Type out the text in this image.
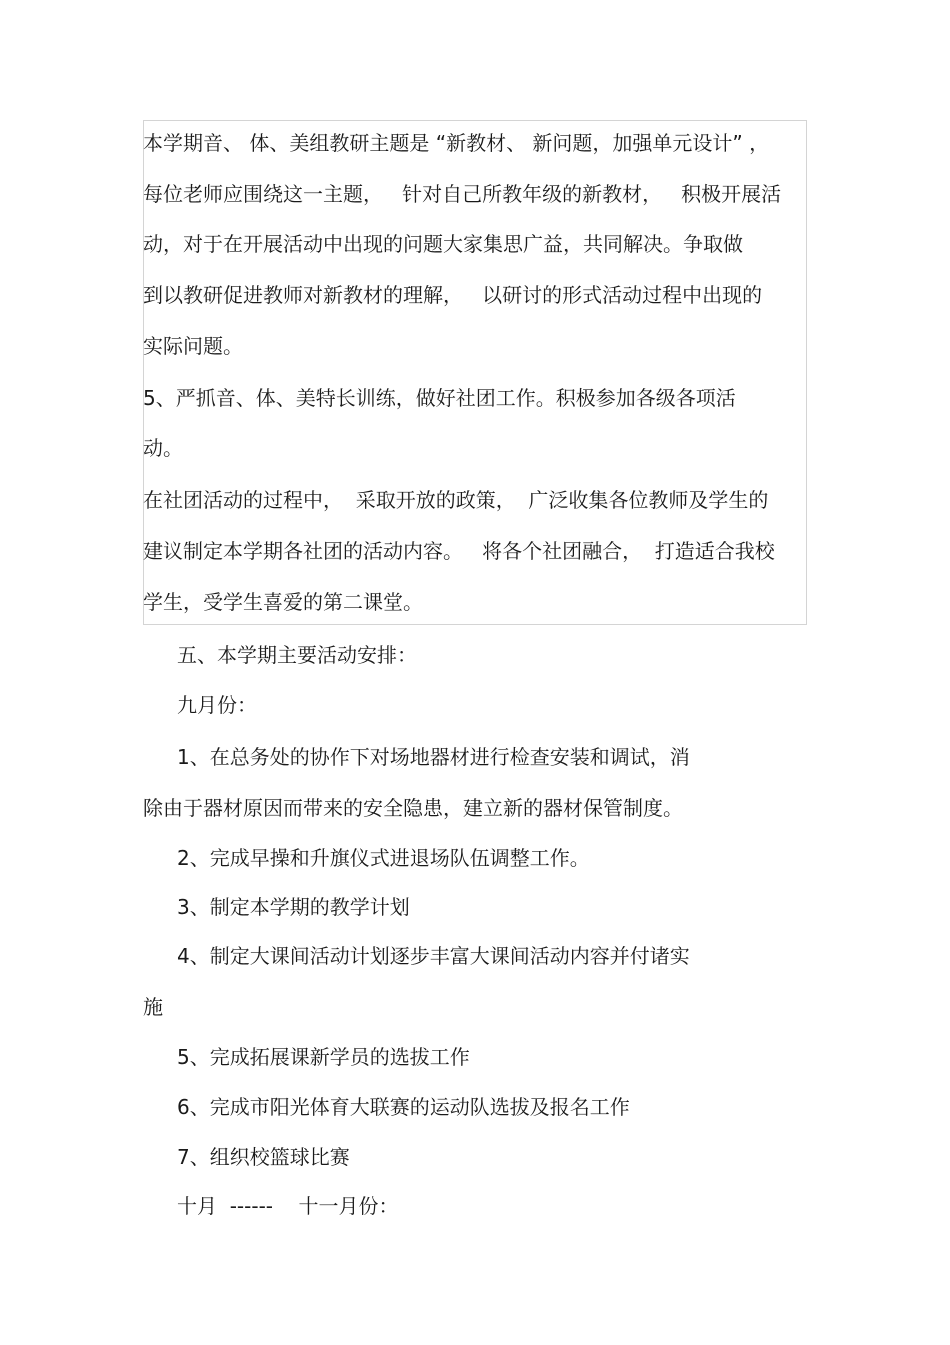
本学期音、 体、美组教研主题是 “新教材、 新问题，加强单元设计” ，
每位老师应围绕这一主题，   针对自己所教年级的新教材，   积极开展活
动，对于在开展活动中出现的问题大家集思广益，共同解决。争取做
到以教研促进教师对新教材的理解，   以研讨的形式活动过程中出现的
实际问题。
5、严抓音、体、美特长训练，做好社团工作。积极参加各级各项活
动。
在社团活动的过程中，  采取开放的政策，  广泛收集各位教师及学生的
建议制定本学期各社团的活动内容。   将各个社团融合，  打造适合我校
学生，受学生喜爱的第二课堂。
五、本学期主要活动安排：
九月份：
1、在总务处的协作下对场地器材进行检查安装和调试，消
除由于器材原因而带来的安全隐患，建立新的器材保管制度。
2、完成早操和升旗仪式进退场队伍调整工作。
3、制定本学期的教学计划
4、制定大课间活动计划逐步丰富大课间活动内容并付诸实
施
5、完成拓展课新学员的选拔工作
6、完成市阳光体育大联赛的运动队选拔及报名工作
7、组织校篮球比赛
十月  ------    十一月份：
